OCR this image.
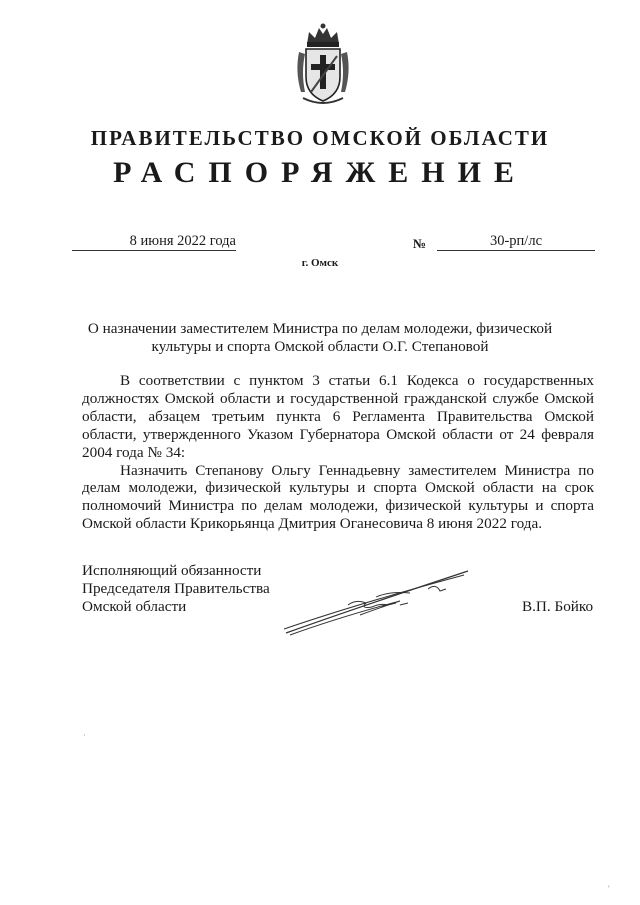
ПРАВИТЕЛЬСТВО ОМСКОЙ ОБЛАСТИ
РАСПОРЯЖЕНИЕ
8 июня 2022 года	№	30-рп/лс
г. Омск
О назначении заместителем Министра по делам молодежи, физической культуры и спорта Омской области О.Г. Степановой

В соответствии с пунктом 3 статьи 6.1 Кодекса о государственных должностях Омской области и государственной гражданской службе Омской области, абзацем третьим пункта 6 Регламента Правительства Омской области, утвержденного Указом Губернатора Омской области от 24 февраля 2004 года № 34:

Назначить Степанову Ольгу Геннадьевну заместителем Министра по делам молодежи, физической культуры и спорта Омской области на срок полномочий Министра по делам молодежи, физической культуры и спорта Омской области Крикорьянца Дмитрия Оганесовича 8 июня 2022 года.

Исполняющий обязанности
Председателя Правительства
Омской области	В.П. Бойко
·
'
